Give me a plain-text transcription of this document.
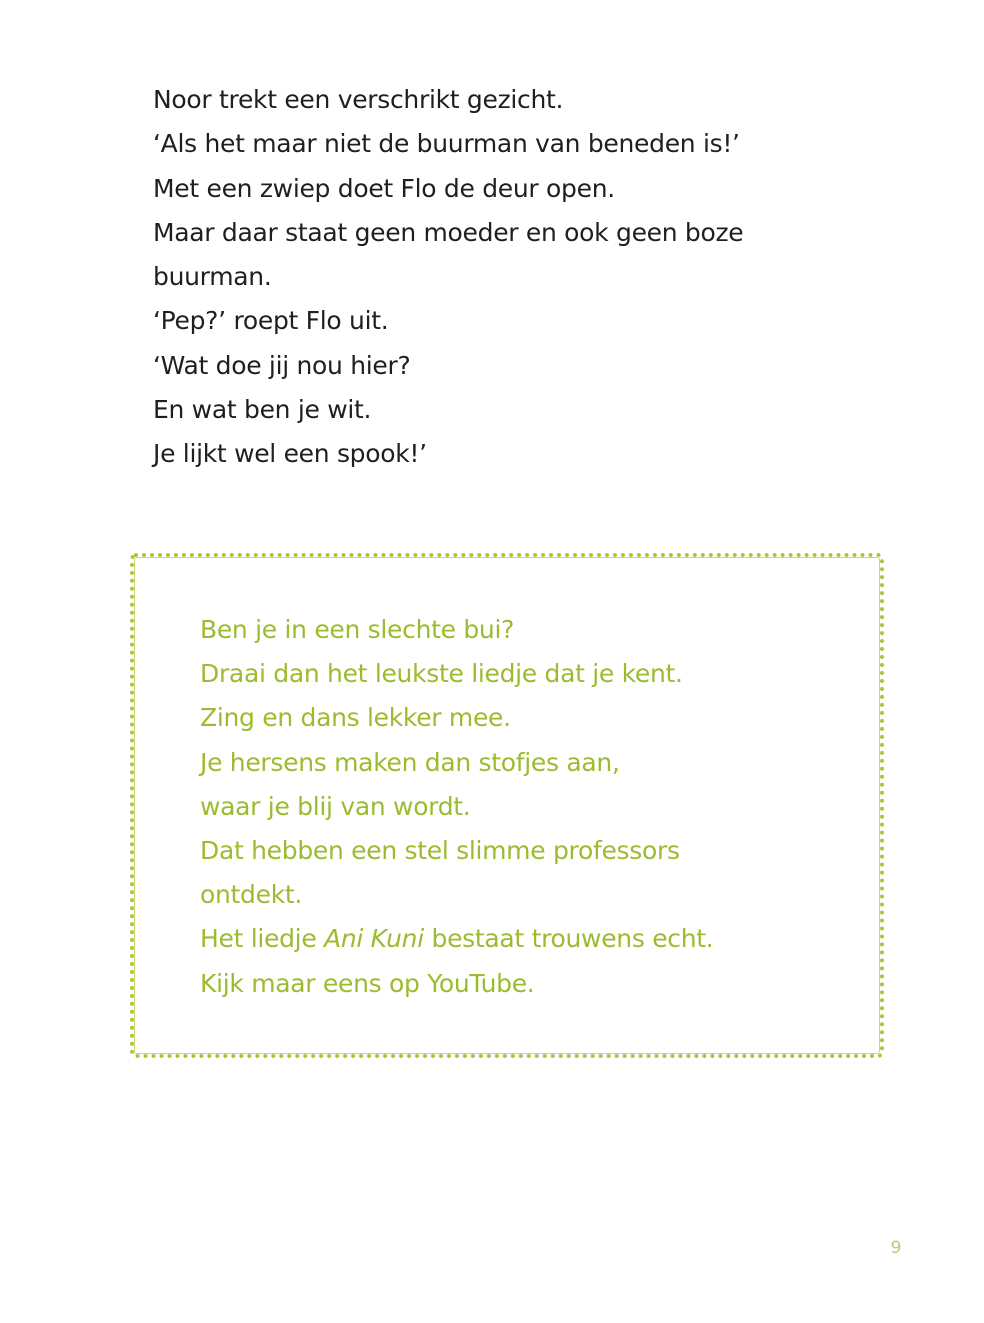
Noor trekt een verschrikt gezicht.
‘Als het maar niet de buurman van beneden is!’
Met een zwiep doet Flo de deur open.
Maar daar staat geen moeder en ook geen boze
buurman.
‘Pep?’ roept Flo uit.
‘Wat doe jij nou hier?
En wat ben je wit.
Je lijkt wel een spook!’
Ben je in een slechte bui?
Draai dan het leukste liedje dat je kent.
Zing en dans lekker mee.
Je hersens maken dan stofjes aan,
waar je blij van wordt.
Dat hebben een stel slimme professors
ontdekt.
Het liedje Ani Kuni bestaat trouwens echt.
Kijk maar eens op YouTube.
9
